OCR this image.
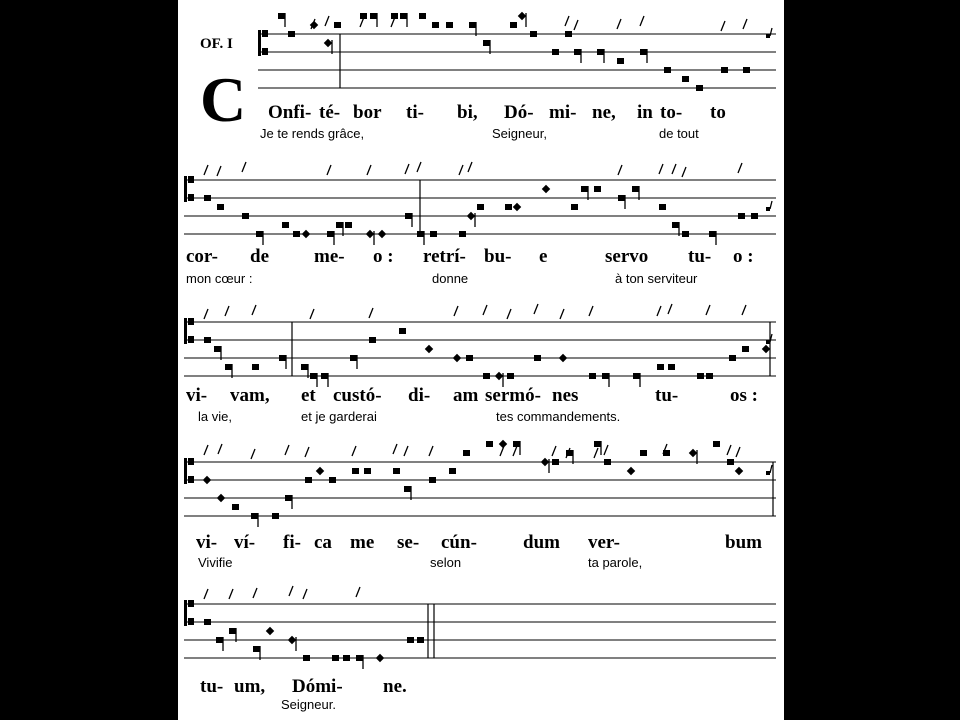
OF. I
C Onfi- té- bor ti- bi, Dó- mi- ne, in to- to
cor- de me- o : retrí- bu- e	servo tu- o :
vi- vam, et custó- di- am sermó- nes	tu-	os :
vi- ví- fi- ca me se- cún- dum ver-	bum
tu- um, Dómi- ne.
Je te rends grâce,	Seigneur,	de tout
mon cœur :	donne	à ton serviteur
la vie,	et je garderai	tes commandements.
Vivifie	selon	ta parole,
Seigneur.
